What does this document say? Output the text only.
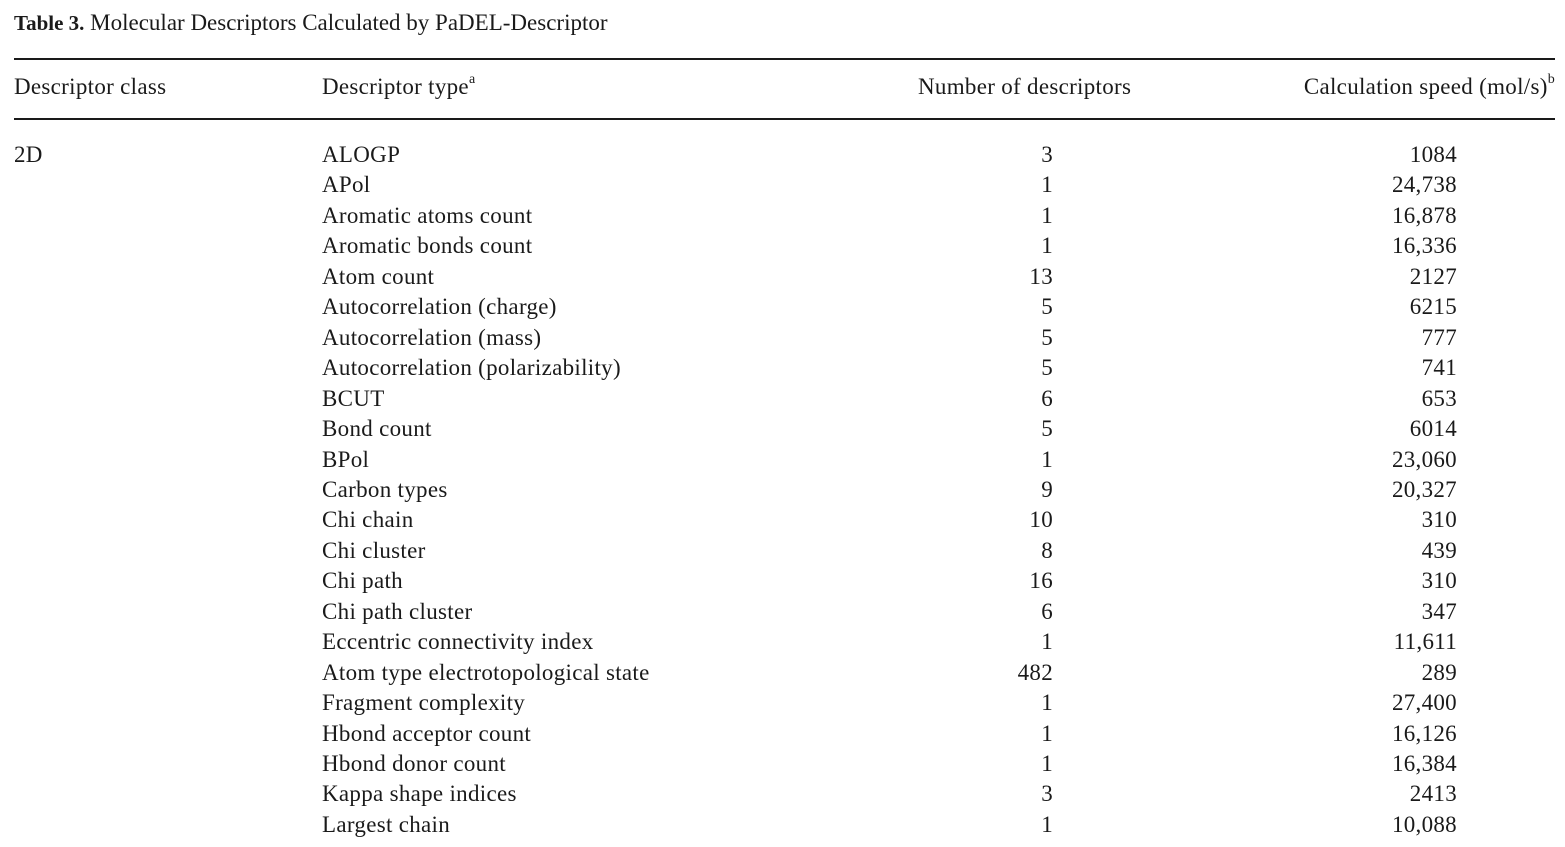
Table 3. Molecular Descriptors Calculated by PaDEL-Descriptor
Descriptor class	Descriptor type$^a$	Number of descriptors	Calculation speed $(mol/s)^b$
2D	ALOGP	3	1084
APol	1	24,738
Aromatic atoms count	1	16,878
Aromatic bonds count	1	16,336
Atom count	13	2127
Autocorrelation (charge)	5	6215
Autocorrelation (mass)	5	777
Autocorrelation (polarizability)	5	741
BCUT	6	653
Bond count	5	6014
BPol	1	23,060
Carbon types	9	20,327
Chi chain	10	310
Chi cluster	8	439
Chi path	16	310
Chi path cluster	6	347
Eccentric connectivity index	1	11,611
Atom type electrotopological state	482	289
Fragment complexity	1	27,400
Hbond acceptor count	1	16,126
Hbond donor count	1	16,384
Kappa shape indices	3	2413
Largest chain	1	10,088
